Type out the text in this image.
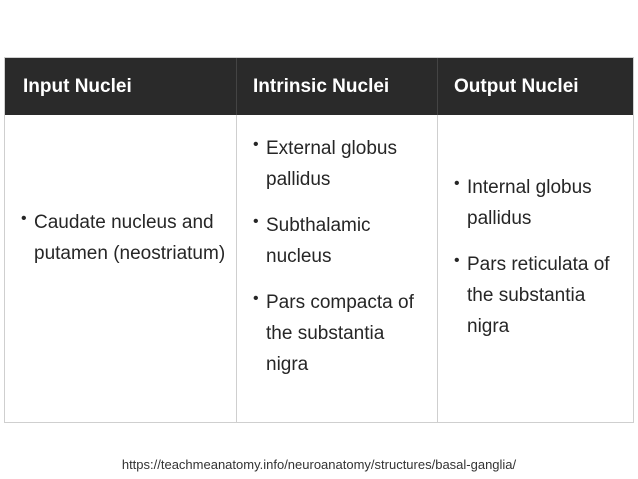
Input Nuclei	Intrinsic Nuclei	Output Nuclei
• Caudate nucleus and putamen (neostriatum)
• External globus pallidus
• Subthalamic nucleus
• Pars compacta of the substantia nigra
• Internal globus pallidus
• Pars reticulata of the substantia nigra
https://teachmeanatomy.info/neuroanatomy/structures/basal-ganglia/
